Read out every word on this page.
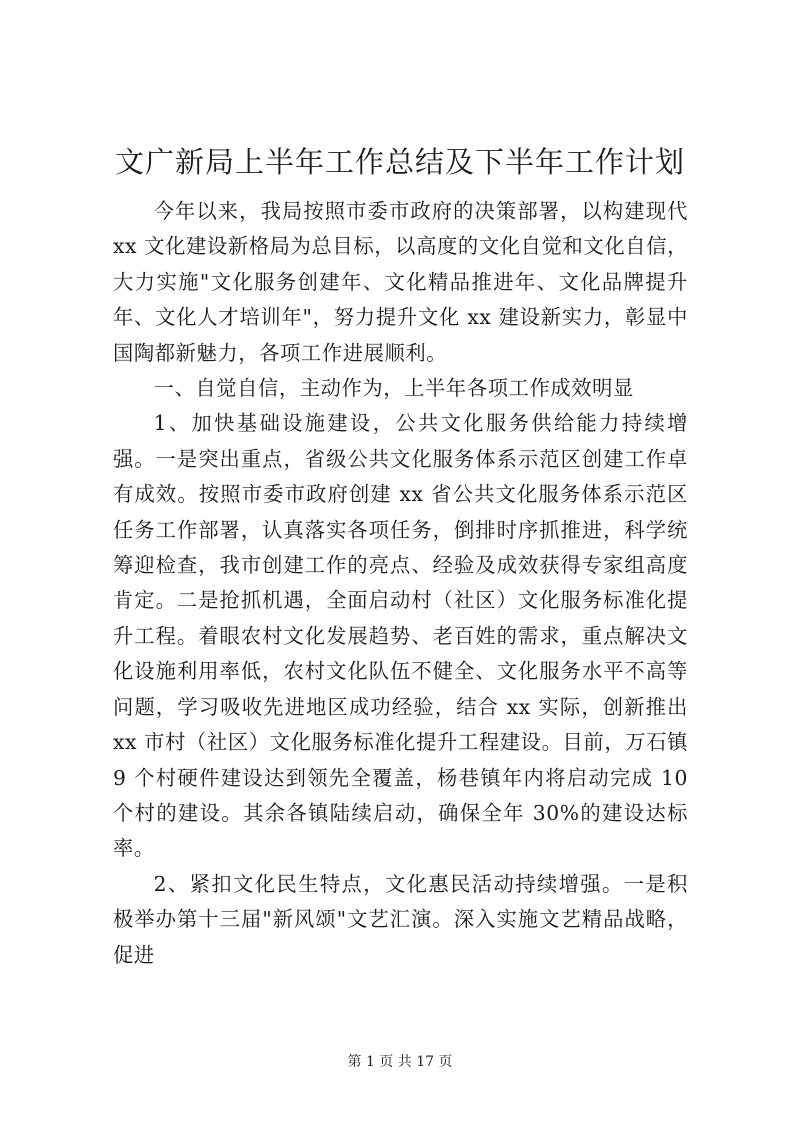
文广新局上半年工作总结及下半年工作计划

今年以来，我局按照市委市政府的决策部署，以构建现代 xx 文化建设新格局为总目标，以高度的文化自觉和文化自信，大力实施"文化服务创建年、文化精品推进年、文化品牌提升年、文化人才培训年"，努力提升文化 xx 建设新实力，彰显中国陶都新魅力，各项工作进展顺利。

一、自觉自信，主动作为，上半年各项工作成效明显

1、加快基础设施建设，公共文化服务供给能力持续增强。一是突出重点，省级公共文化服务体系示范区创建工作卓有成效。按照市委市政府创建 xx 省公共文化服务体系示范区任务工作部署，认真落实各项任务，倒排时序抓推进，科学统筹迎检查，我市创建工作的亮点、经验及成效获得专家组高度肯定。二是抢抓机遇，全面启动村（社区）文化服务标准化提升工程。着眼农村文化发展趋势、老百姓的需求，重点解决文化设施利用率低，农村文化队伍不健全、文化服务水平不高等问题，学习吸收先进地区成功经验，结合 xx 实际，创新推出 xx 市村（社区）文化服务标准化提升工程建设。目前，万石镇 9 个村硬件建设达到领先全覆盖，杨巷镇年内将启动完成 10 个村的建设。其余各镇陆续启动，确保全年 30%的建设达标率。

2、紧扣文化民生特点，文化惠民活动持续增强。一是积极举办第十三届"新风颂"文艺汇演。深入实施文艺精品战略，促进

第 1 页 共 17 页
